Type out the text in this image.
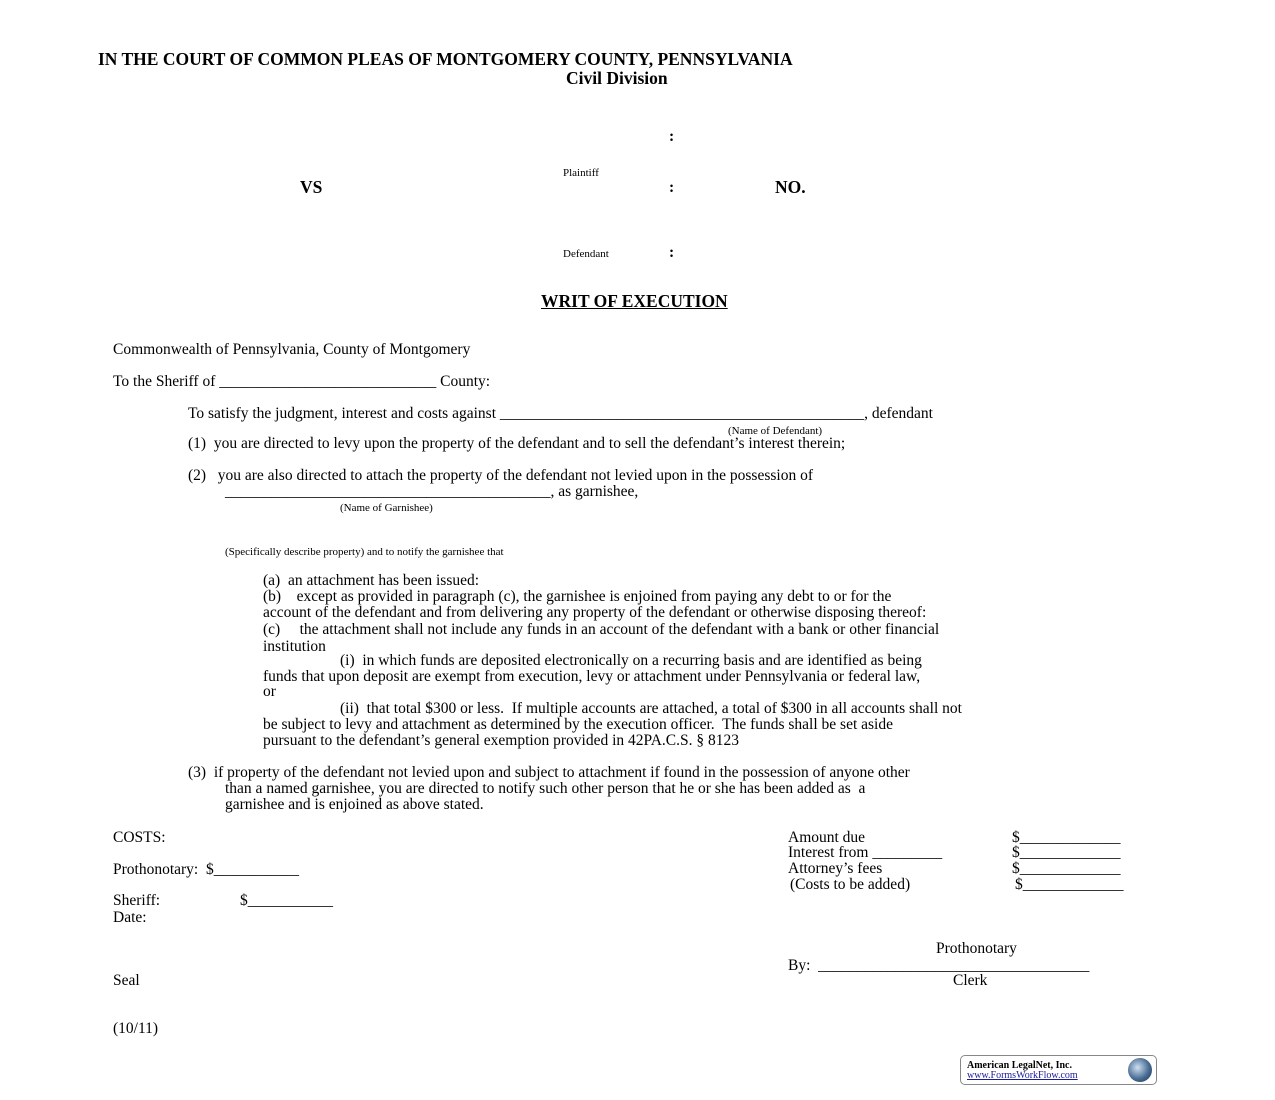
IN THE COURT OF COMMON PLEAS OF MONTGOMERY COUNTY, PENNSYLVANIA
Civil Division
:
Plaintiff
VS	:	NO.
Defendant	:
WRIT OF EXECUTION
Commonwealth of Pennsylvania, County of Montgomery
To the Sheriff of ____________________________ County:
To satisfy the judgment, interest and costs against _______________________________________________, defendant
(Name of Defendant)
(1)  you are directed to levy upon the property of the defendant and to sell the defendant’s interest therein;
(2)   you are also directed to attach the property of the defendant not levied upon in the possession of
__________________________________________, as garnishee,
(Name of Garnishee)
(Specifically describe property) and to notify the garnishee that
(a)  an attachment has been issued:
(b)    except as provided in paragraph (c), the garnishee is enjoined from paying any debt to or for the
account of the defendant and from delivering any property of the defendant or otherwise disposing thereof:
(c)     the attachment shall not include any funds in an account of the defendant with a bank or other financial
institution
(i)  in which funds are deposited electronically on a recurring basis and are identified as being
funds that upon deposit are exempt from execution, levy or attachment under Pennsylvania or federal law,
or
(ii)  that total $300 or less.  If multiple accounts are attached, a total of $300 in all accounts shall not
be subject to levy and attachment as determined by the execution officer.  The funds shall be set aside
pursuant to the defendant’s general exemption provided in 42PA.C.S. § 8123
(3)  if property of the defendant not levied upon and subject to attachment if found in the possession of anyone other
than a named garnishee, you are directed to notify such other person that he or she has been added as  a
garnishee and is enjoined as above stated.
COSTS:
Prothonotary:  $___________
Sheriff:	$___________
Date:
Seal
Amount due	$_____________
Interest from _________	$_____________
Attorney’s fees	$_____________
(Costs to be added)	$_____________
Prothonotary
By:  ___________________________________
Clerk
(10/11)
American LegalNet, Inc.
www.FormsWorkFlow.com
